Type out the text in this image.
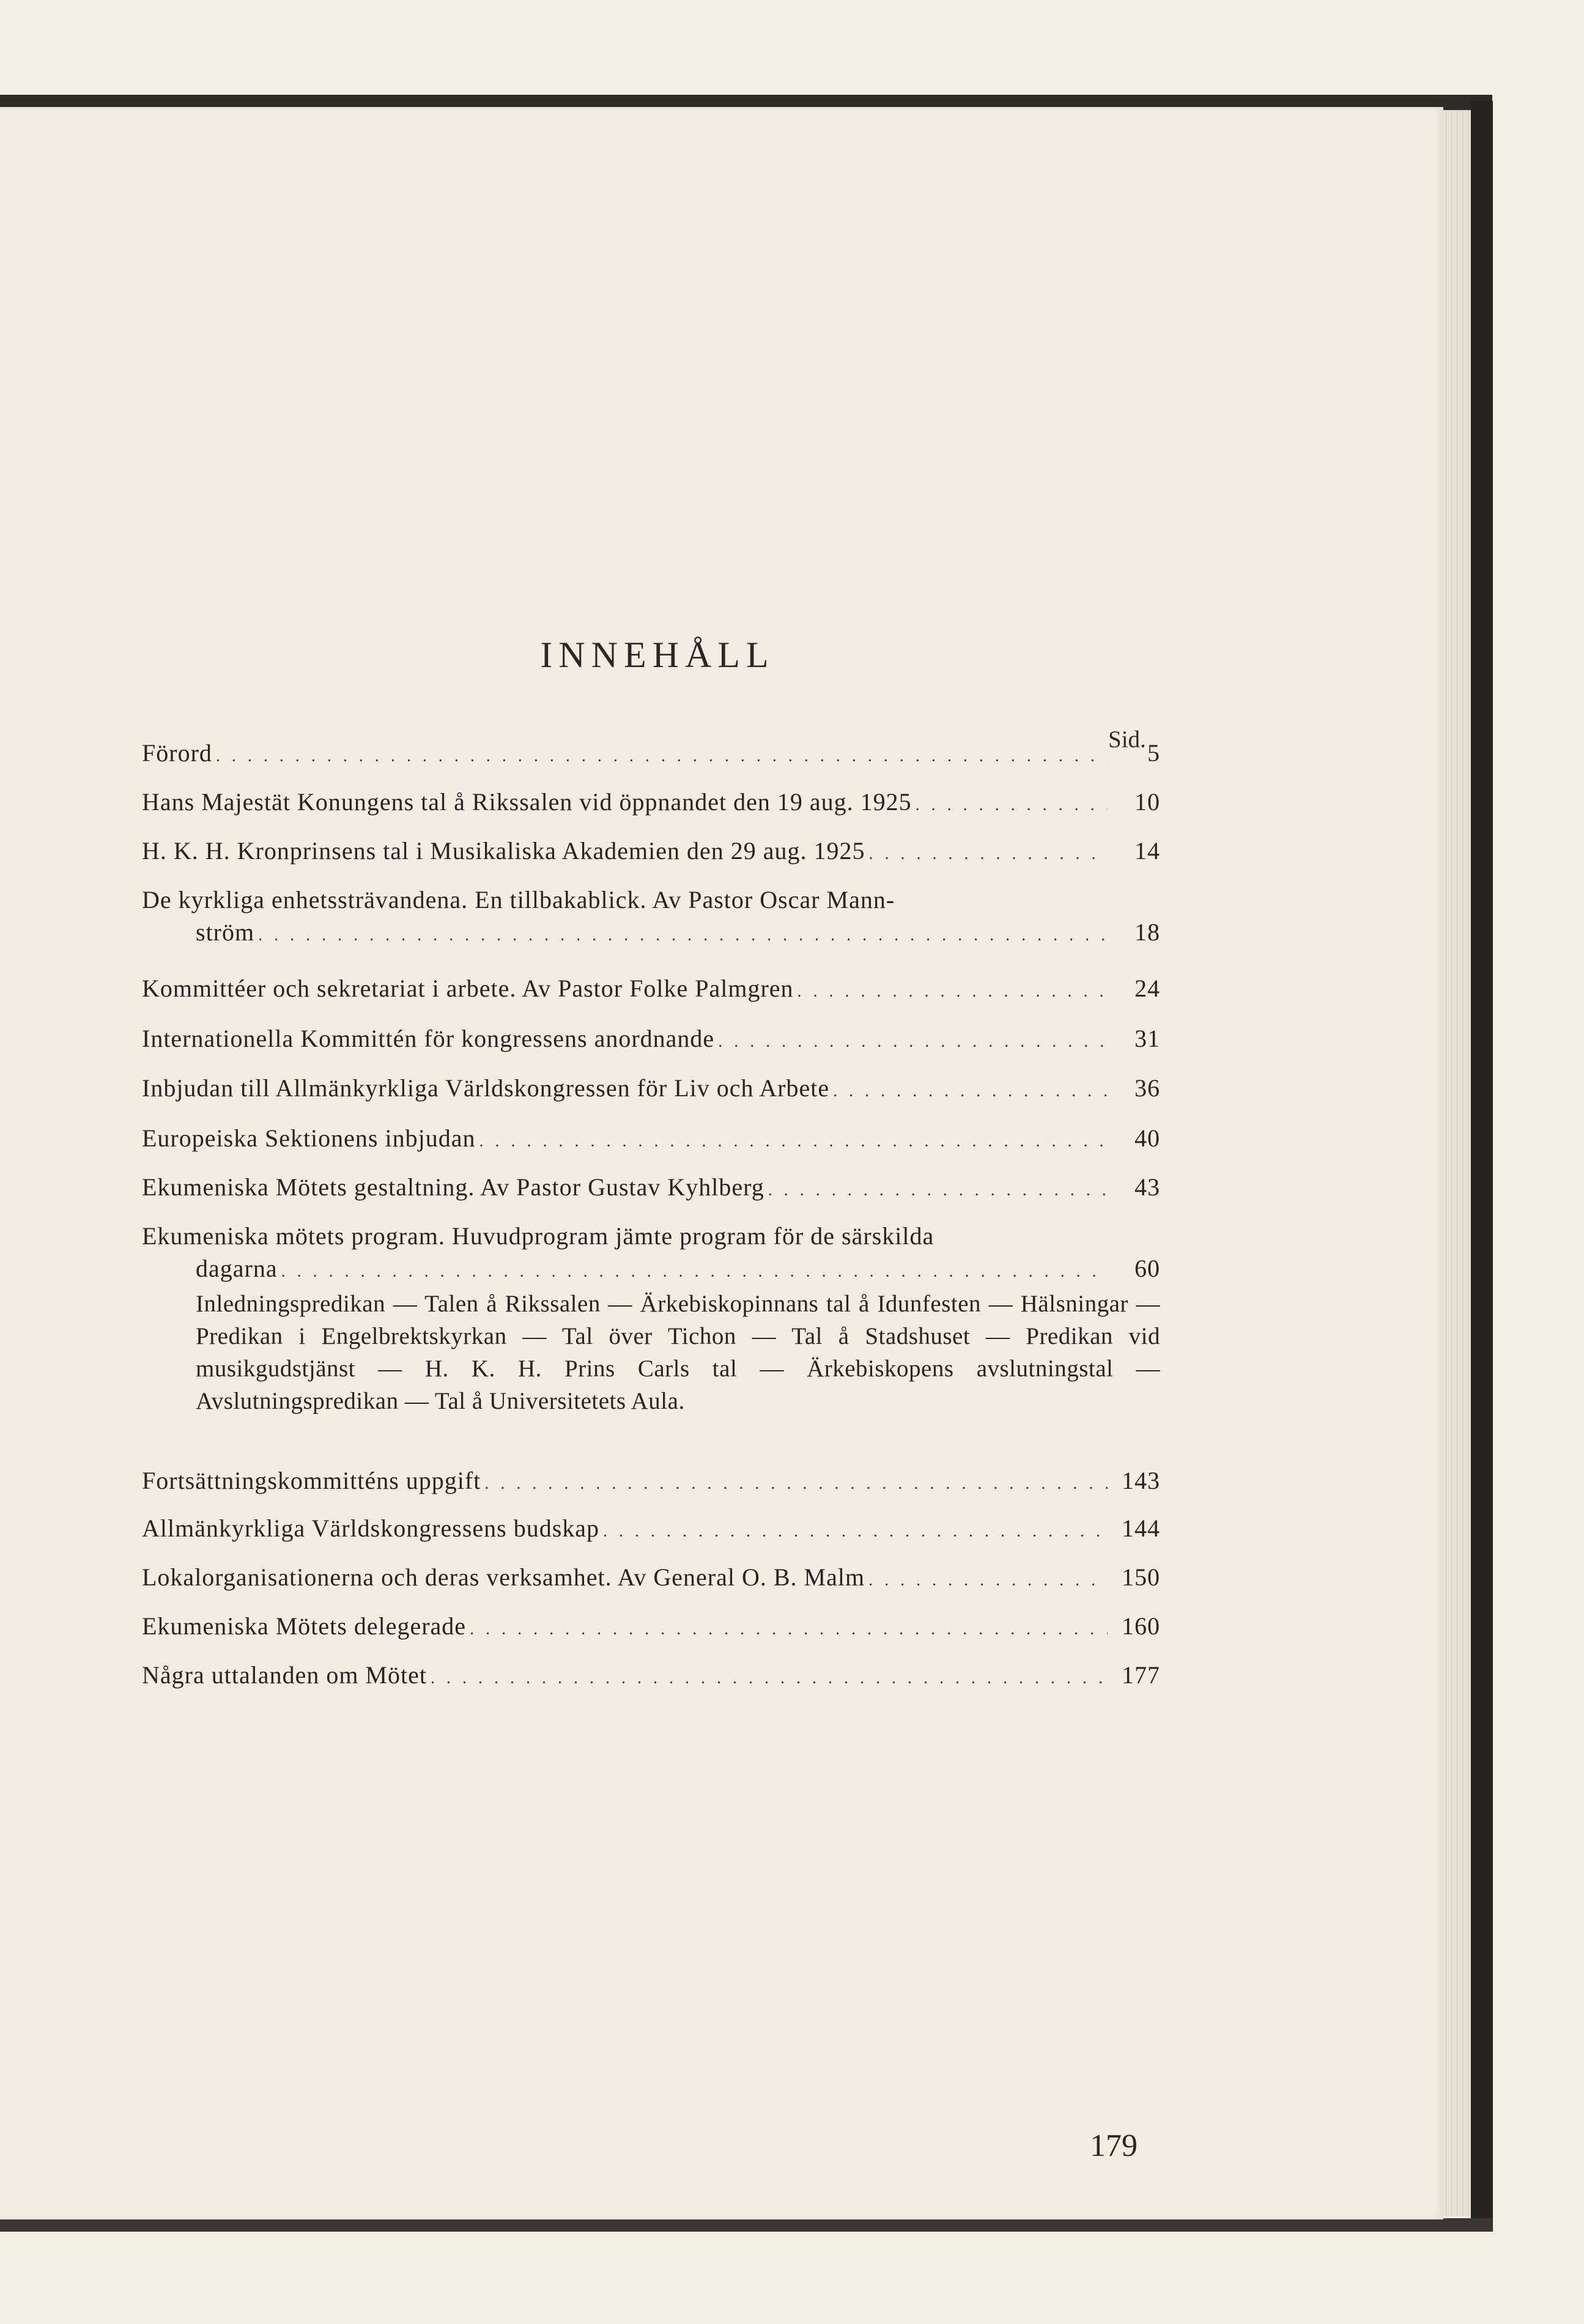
INNEHÅLL
Sid.
Förord . . .	5
Hans Majestät Konungens tal å Rikssalen vid öppnandet den 19 aug. 1925 . . .	10
H. K. H. Kronprinsens tal i Musikaliska Akademien den 29 aug. 1925 . . .	14
De kyrkliga enhetssträvandena. En tillbakablick. Av Pastor Oscar Mann-
ström . . .	18
Kommittéer och sekretariat i arbete. Av Pastor Folke Palmgren . . .	24
Internationella Kommittén för kongressens anordnande . . .	31
Inbjudan till Allmänkyrkliga Världskongressen för Liv och Arbete . . .	36
Europeiska Sektionens inbjudan . . .	40
Ekumeniska Mötets gestaltning. Av Pastor Gustav Kyhlberg . . .	43
Ekumeniska mötets program. Huvudprogram jämte program för de särskilda
dagarna . . .	60
Inledningspredikan — Talen å Rikssalen — Ärkebiskopinnans tal å Idunfesten — Hälsningar — Predikan i Engelbrektskyrkan — Tal över Tichon — Tal å Stadshuset — Predikan vid musikgudstjänst — H. K. H. Prins Carls tal — Ärkebiskopens avslutningstal — Avslutningspredikan — Tal å Universitetets Aula.
Fortsättningskommitténs uppgift . . .	143
Allmänkyrkliga Världskongressens budskap . . .	144
Lokalorganisationerna och deras verksamhet. Av General O. B. Malm . . .	150
Ekumeniska Mötets delegerade . . .	160
Några uttalanden om Mötet . . .	177
179
